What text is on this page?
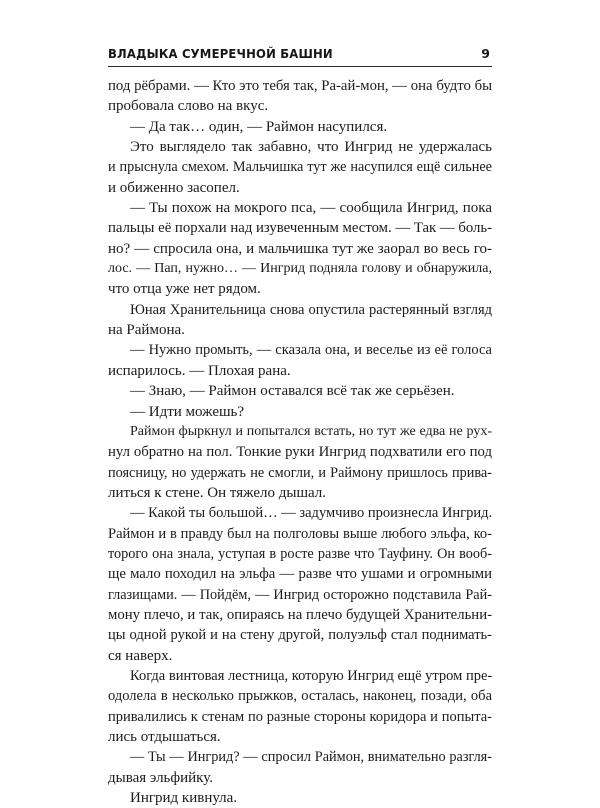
ВЛАДЫКА СУМЕРЕЧНОЙ БАШНИ	9
под рёбрами. — Кто это тебя так, Ра-ай-мон, — она будто бы
пробовала слово на вкус.
— Да так… один, — Раймон насупился.
Это выглядело так забавно, что Ингрид не удержалась
и прыснула смехом. Мальчишка тут же насупился ещё сильнее
и обиженно засопел.
— Ты похож на мокрого пса, — сообщила Ингрид, пока
пальцы её порхали над изувеченным местом. — Так — боль-
но? — спросила она, и мальчишка тут же заорал во весь го-
лос. — Пап, нужно… — Ингрид подняла голову и обнаружила,
что отца уже нет рядом.
Юная Хранительница снова опустила растерянный взгляд
на Раймона.
— Нужно промыть, — сказала она, и веселье из её голоса
испарилось. — Плохая рана.
— Знаю, — Раймон оставался всё так же серьёзен.
— Идти можешь?
Раймон фыркнул и попытался встать, но тут же едва не рух-
нул обратно на пол. Тонкие руки Ингрид подхватили его под
поясницу, но удержать не смогли, и Раймону пришлось прива-
литься к стене. Он тяжело дышал.
— Какой ты большой… — задумчиво произнесла Ингрид.
Раймон и в правду был на полголовы выше любого эльфа, ко-
торого она знала, уступая в росте разве что Тауфину. Он вооб-
ще мало походил на эльфа — разве что ушами и огромными
глазищами. — Пойдём, — Ингрид осторожно подставила Рай-
мону плечо, и так, опираясь на плечо будущей Хранительни-
цы одной рукой и на стену другой, полуэльф стал поднимать-
ся наверх.
Когда винтовая лестница, которую Ингрид ещё утром пре-
одолела в несколько прыжков, осталась, наконец, позади, оба
привалились к стенам по разные стороны коридора и попыта-
лись отдышаться.
— Ты — Ингрид? — спросил Раймон, внимательно разгля-
дывая эльфийку.
Ингрид кивнула.
